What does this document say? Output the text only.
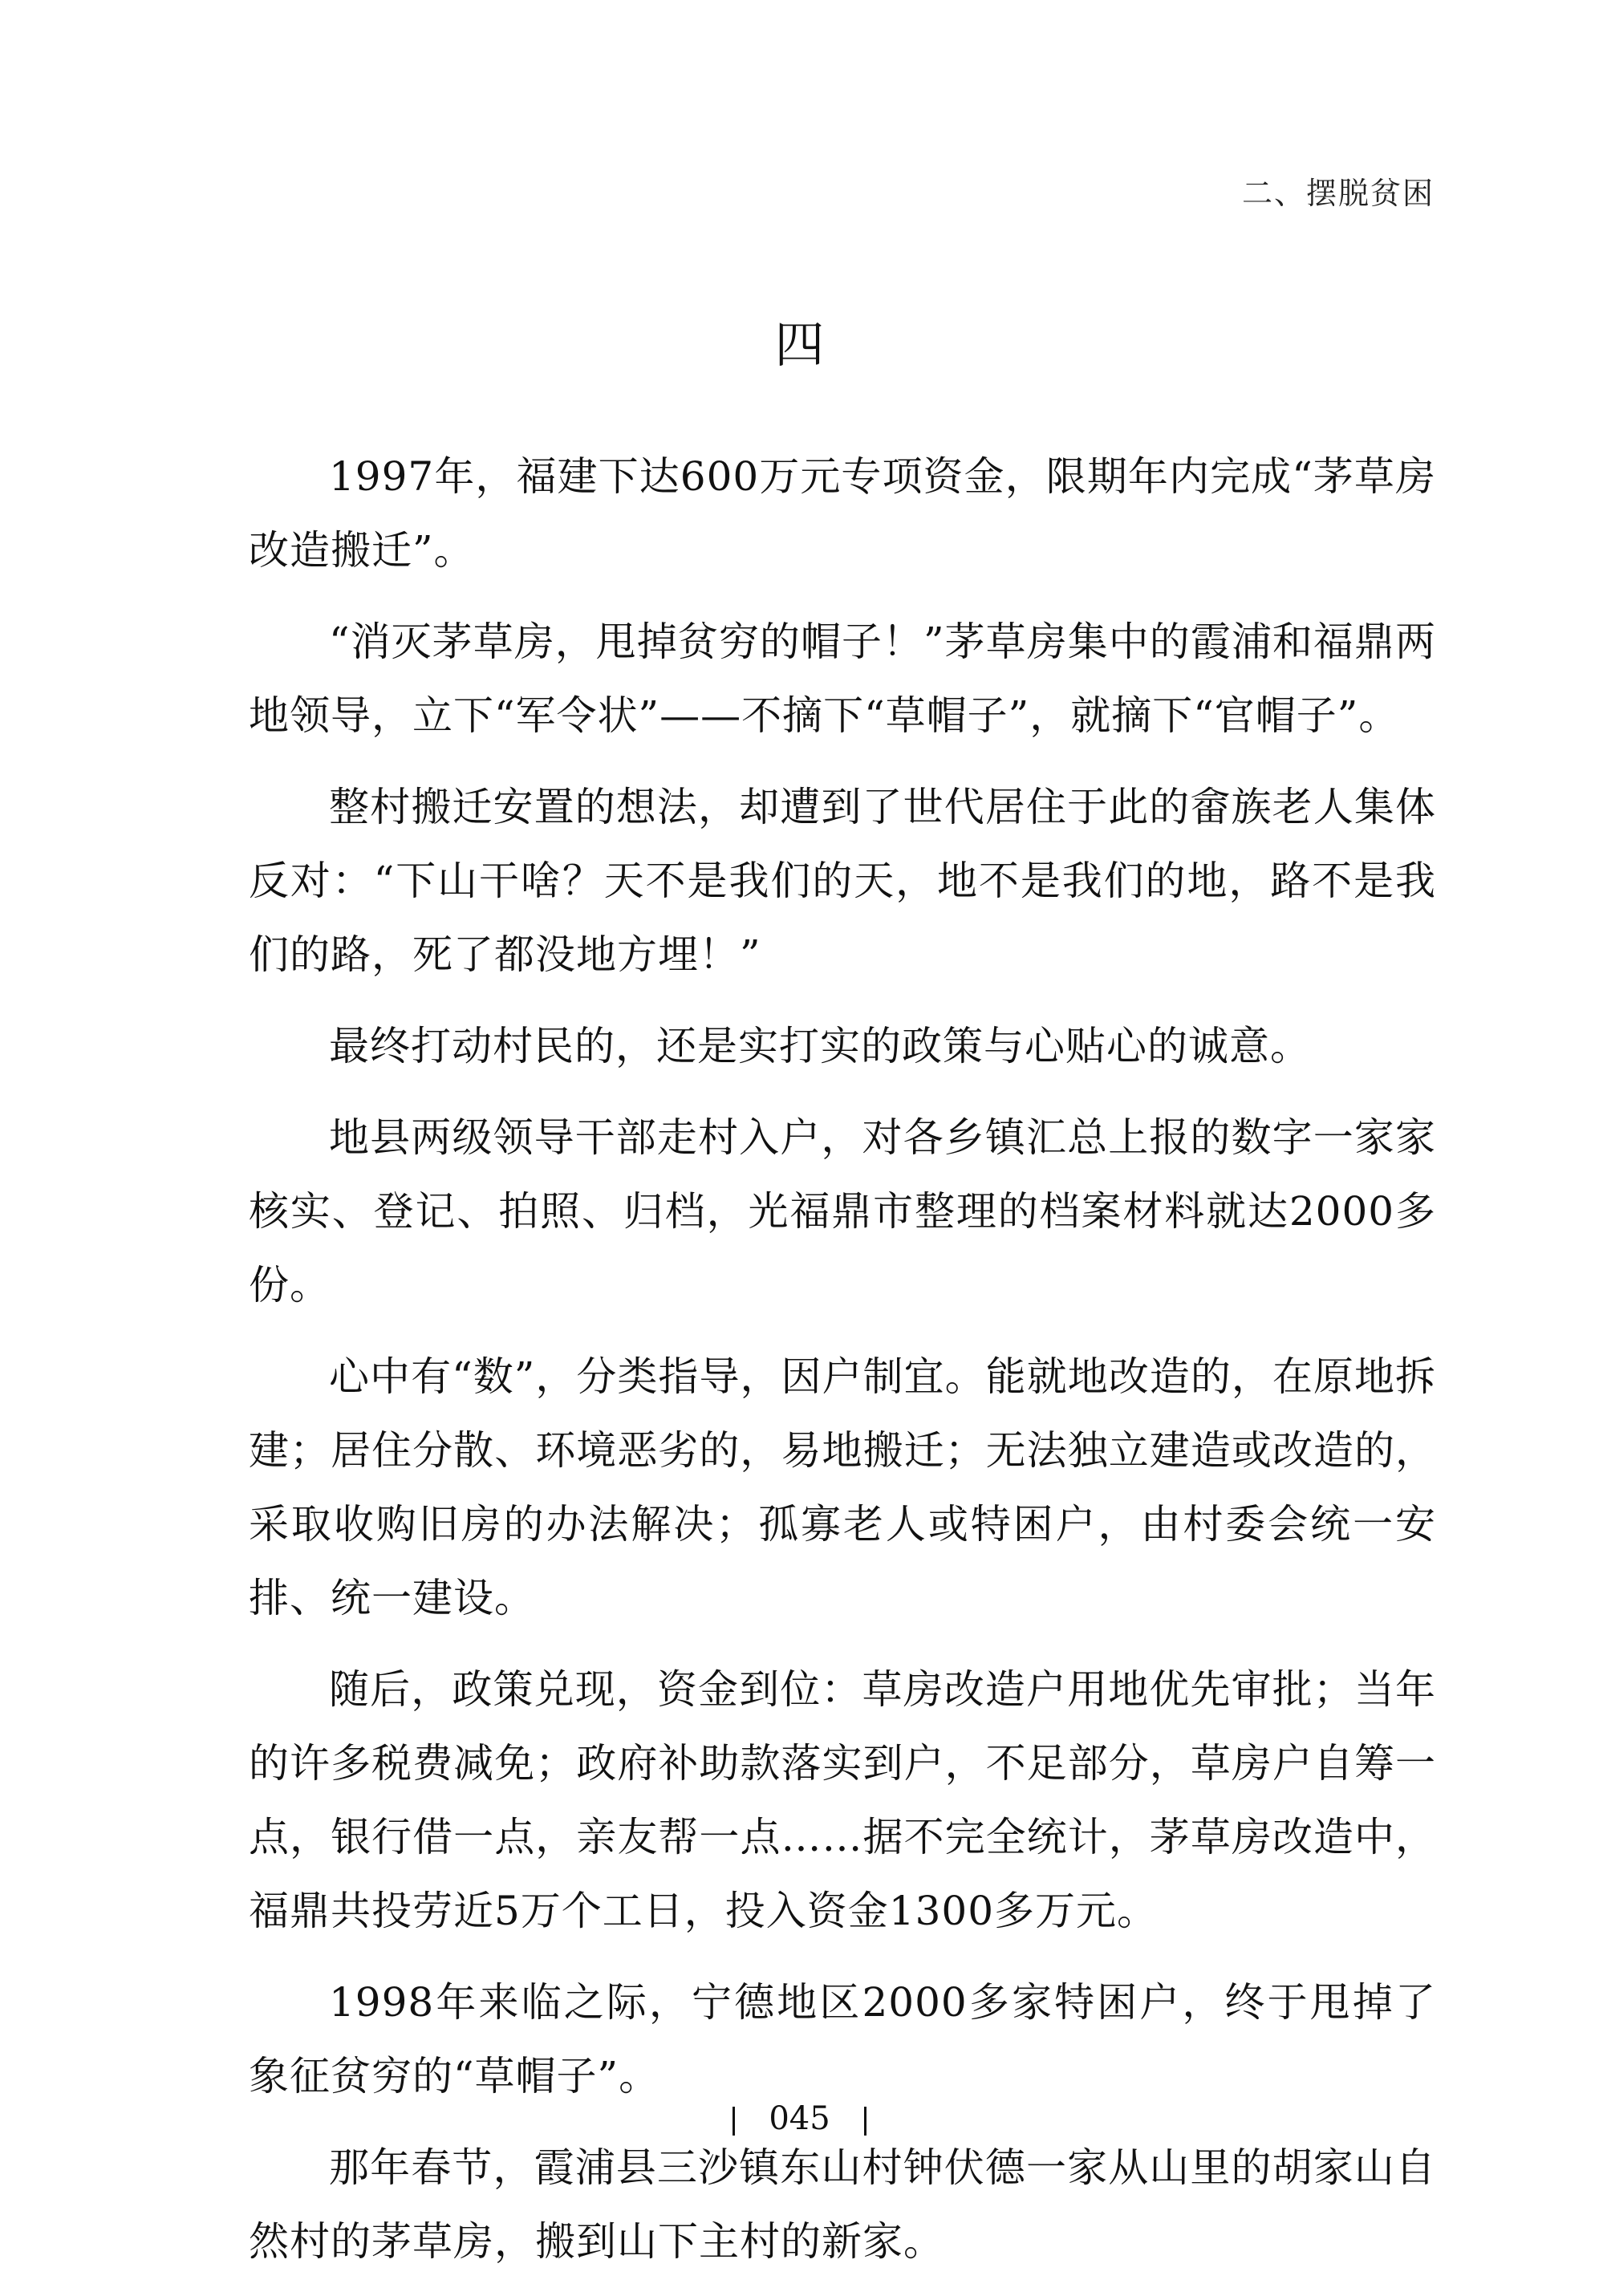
二、摆脱贫困
四

1997年，福建下达600万元专项资金，限期年内完成“茅草房改造搬迁”。

“消灭茅草房，甩掉贫穷的帽子！”茅草房集中的霞浦和福鼎两地领导，立下“军令状”——不摘下“草帽子”，就摘下“官帽子”。

整村搬迁安置的想法，却遭到了世代居住于此的畲族老人集体反对：“下山干啥？天不是我们的天，地不是我们的地，路不是我们的路，死了都没地方埋！”

最终打动村民的，还是实打实的政策与心贴心的诚意。

地县两级领导干部走村入户，对各乡镇汇总上报的数字一家家核实、登记、拍照、归档，光福鼎市整理的档案材料就达2000多份。

心中有“数”，分类指导，因户制宜。能就地改造的，在原地拆建；居住分散、环境恶劣的，易地搬迁；无法独立建造或改造的，采取收购旧房的办法解决；孤寡老人或特困户，由村委会统一安排、统一建设。

随后，政策兑现，资金到位：草房改造户用地优先审批；当年的许多税费减免；政府补助款落实到户，不足部分，草房户自筹一点，银行借一点，亲友帮一点……据不完全统计，茅草房改造中，福鼎共投劳近5万个工日，投入资金1300多万元。

1998年来临之际，宁德地区2000多家特困户，终于甩掉了象征贫穷的“草帽子”。

那年春节，霞浦县三沙镇东山村钟伏德一家从山里的胡家山自然村的茅草房，搬到山下主村的新家。

045
